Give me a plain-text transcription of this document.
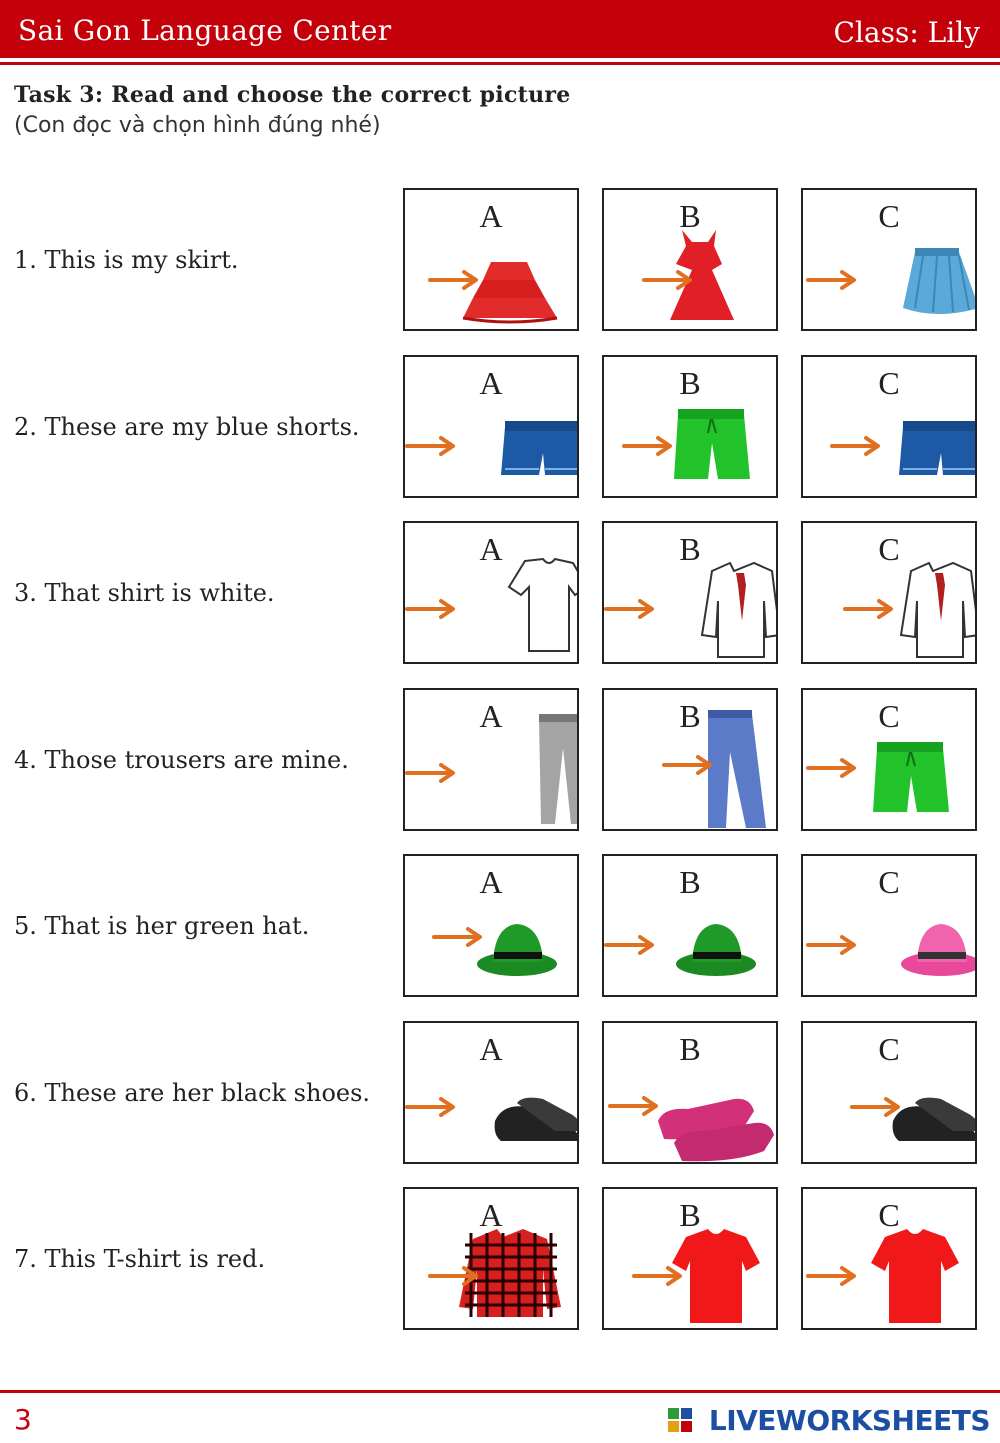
Sai Gon Language Center	Class: Lily
Task 3: Read and choose the correct picture
(Con đọc và chọn hình đúng nhé)
1. This is my skirt.
A	B	C
2. These are my blue shorts.
A	B	C
3. That shirt is white.
A	B	C
4. Those trousers are mine.
A	B	C
5. That is her green hat.
A	B	C
6. These are her black shoes.
A	B	C
7. This T-shirt is red.
A	B	C
3	LIVEWORKSHEETS
